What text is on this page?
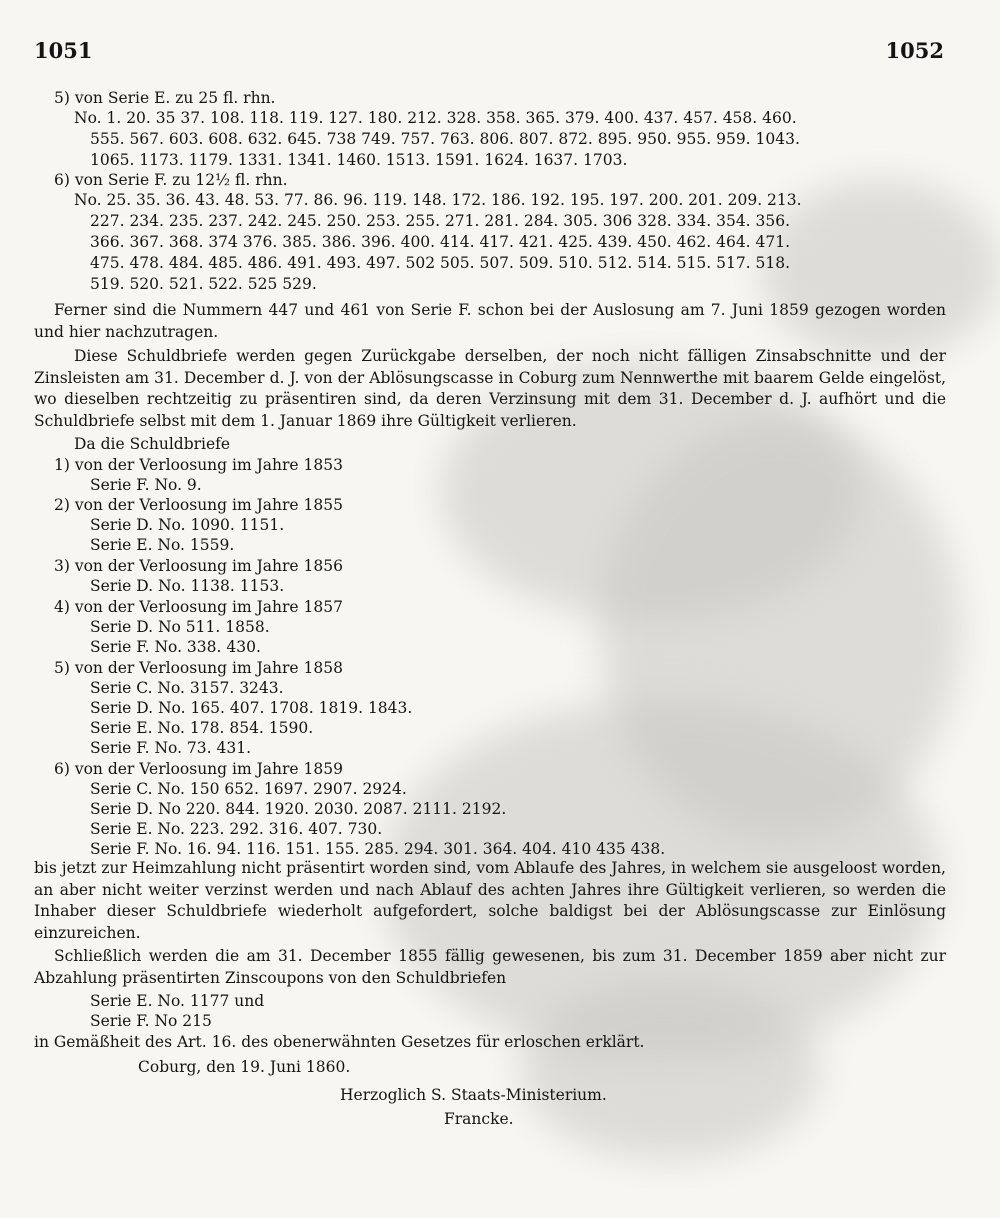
1051	1052
5) von Serie E. zu 25 fl. rhn.
No. 1. 20. 35 37. 108. 118. 119. 127. 180. 212. 328. 358. 365. 379. 400. 437. 457. 458. 460.
555. 567. 603. 608. 632. 645. 738 749. 757. 763. 806. 807. 872. 895. 950. 955. 959. 1043.
1065. 1173. 1179. 1331. 1341. 1460. 1513. 1591. 1624. 1637. 1703.
6) von Serie F. zu 12½ fl. rhn.
No. 25. 35. 36. 43. 48. 53. 77. 86. 96. 119. 148. 172. 186. 192. 195. 197. 200. 201. 209. 213.
227. 234. 235. 237. 242. 245. 250. 253. 255. 271. 281. 284. 305. 306 328. 334. 354. 356.
366. 367. 368. 374 376. 385. 386. 396. 400. 414. 417. 421. 425. 439. 450. 462. 464. 471.
475. 478. 484. 485. 486. 491. 493. 497. 502 505. 507. 509. 510. 512. 514. 515. 517. 518.
519. 520. 521. 522. 525 529.
Ferner sind die Nummern 447 und 461 von Serie F. schon bei der Auslosung am 7. Juni 1859 gezogen worden und hier nachzutragen.
Diese Schuldbriefe werden gegen Zurückgabe derselben, der noch nicht fälligen Zinsabschnitte und der Zinsleisten am 31. December d. J. von der Ablösungscasse in Coburg zum Nennwerthe mit baarem Gelde eingelöst, wo dieselben rechtzeitig zu präsentiren sind, da deren Verzinsung mit dem 31. December d. J. aufhört und die Schuldbriefe selbst mit dem 1. Januar 1869 ihre Gültigkeit verlieren.
Da die Schuldbriefe
1) von der Verloosung im Jahre 1853
Serie F. No. 9.
2) von der Verloosung im Jahre 1855
Serie D. No. 1090. 1151.
Serie E. No. 1559.
3) von der Verloosung im Jahre 1856
Serie D. No. 1138. 1153.
4) von der Verloosung im Jahre 1857
Serie D. No 511. 1858.
Serie F. No. 338. 430.
5) von der Verloosung im Jahre 1858
Serie C. No. 3157. 3243.
Serie D. No. 165. 407. 1708. 1819. 1843.
Serie E. No. 178. 854. 1590.
Serie F. No. 73. 431.
6) von der Verloosung im Jahre 1859
Serie C. No. 150 652. 1697. 2907. 2924.
Serie D. No 220. 844. 1920. 2030. 2087. 2111. 2192.
Serie E. No. 223. 292. 316. 407. 730.
Serie F. No. 16. 94. 116. 151. 155. 285. 294. 301. 364. 404. 410 435 438.
bis jetzt zur Heimzahlung nicht präsentirt worden sind, vom Ablaufe des Jahres, in welchem sie ausgeloost worden, an aber nicht weiter verzinst werden und nach Ablauf des achten Jahres ihre Gültigkeit verlieren, so werden die Inhaber dieser Schuldbriefe wiederholt aufgefordert, solche baldigst bei der Ablösungscasse zur Einlösung einzureichen.
Schließlich werden die am 31. December 1855 fällig gewesenen, bis zum 31. December 1859 aber nicht zur Abzahlung präsentirten Zinscoupons von den Schuldbriefen
Serie E. No. 1177 und
Serie F. No 215
in Gemäßheit des Art. 16. des obenerwähnten Gesetzes für erloschen erklärt.
Coburg, den 19. Juni 1860.
Herzoglich S. Staats-Ministerium.
Francke.
